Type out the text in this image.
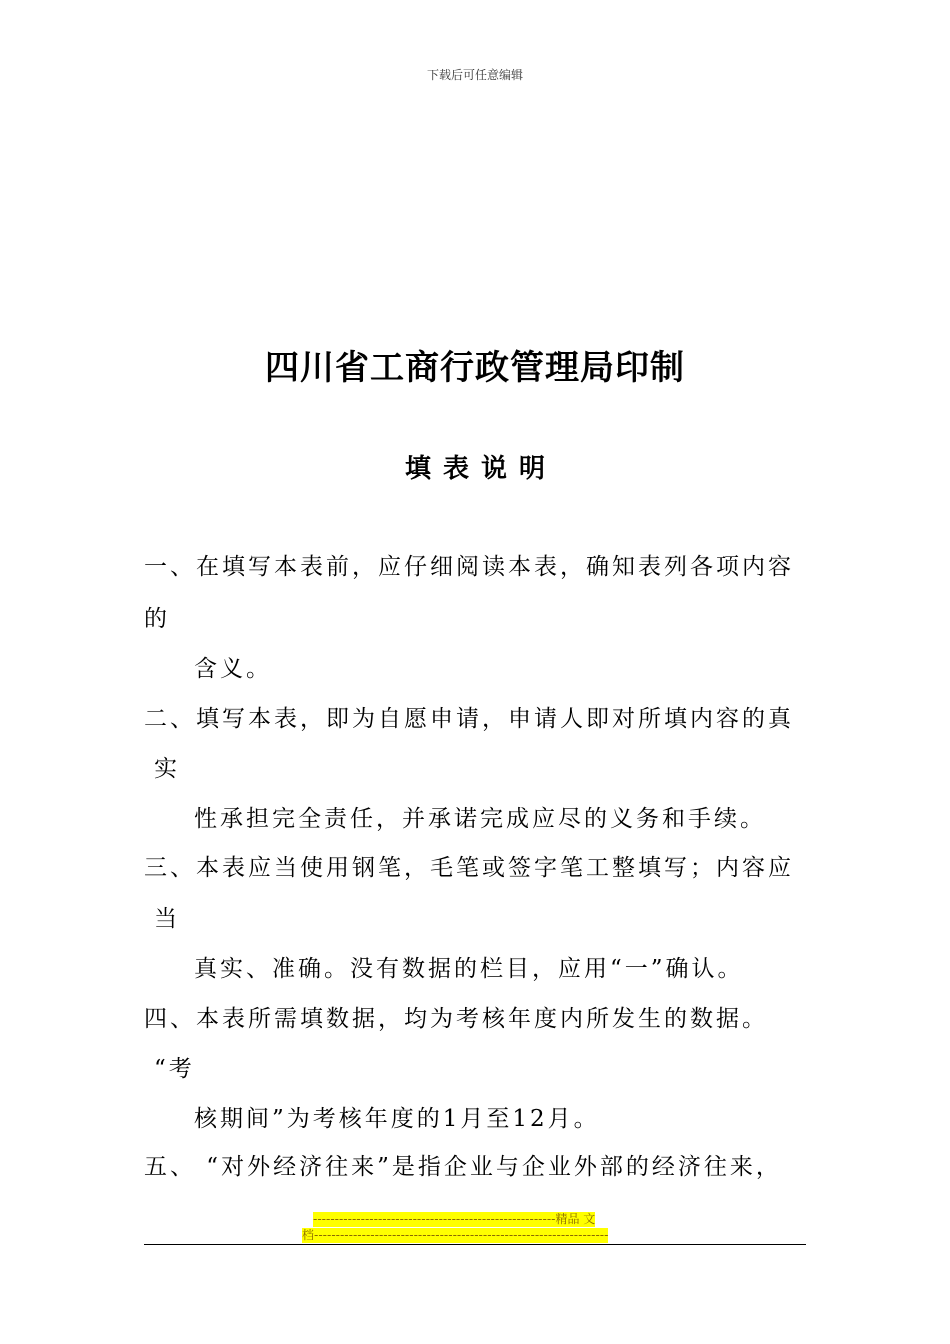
下载后可任意编辑
四川省工商行政管理局印制
填表说明
一、在填写本表前，应仔细阅读本表，确知表列各项内容
的
含义。
二、填写本表，即为自愿申请，申请人即对所填内容的真
实
性承担完全责任，并承诺完成应尽的义务和手续。
三、本表应当使用钢笔，毛笔或签字笔工整填写；内容应
当
真实、准确。没有数据的栏目，应用“一”确认。
四、本表所需填数据，均为考核年度内所发生的数据。
“考
核期间”为考核年度的1月至12月。
五、 “对外经济往来”是指企业与企业外部的经济往来，
--------------------------------------------------------精品 文
档--------------------------------------------------------------------
